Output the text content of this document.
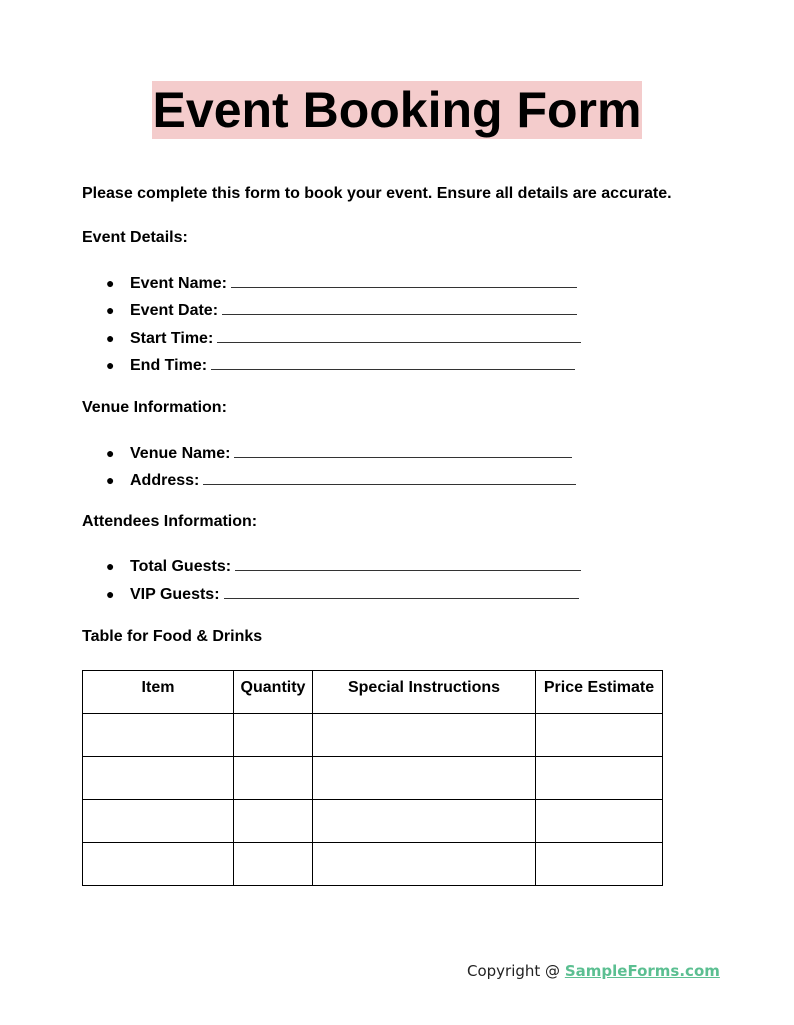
Event Booking Form
Please complete this form to book your event. Ensure all details are accurate.
Event Details:
● Event Name:
● Event Date:
● Start Time:
● End Time:
Venue Information:
● Venue Name:
● Address:
Attendees Information:
● Total Guests:
● VIP Guests:
Table for Food & Drinks
Item	Quantity	Special Instructions	Price Estimate

Copyright @ SampleForms.com
